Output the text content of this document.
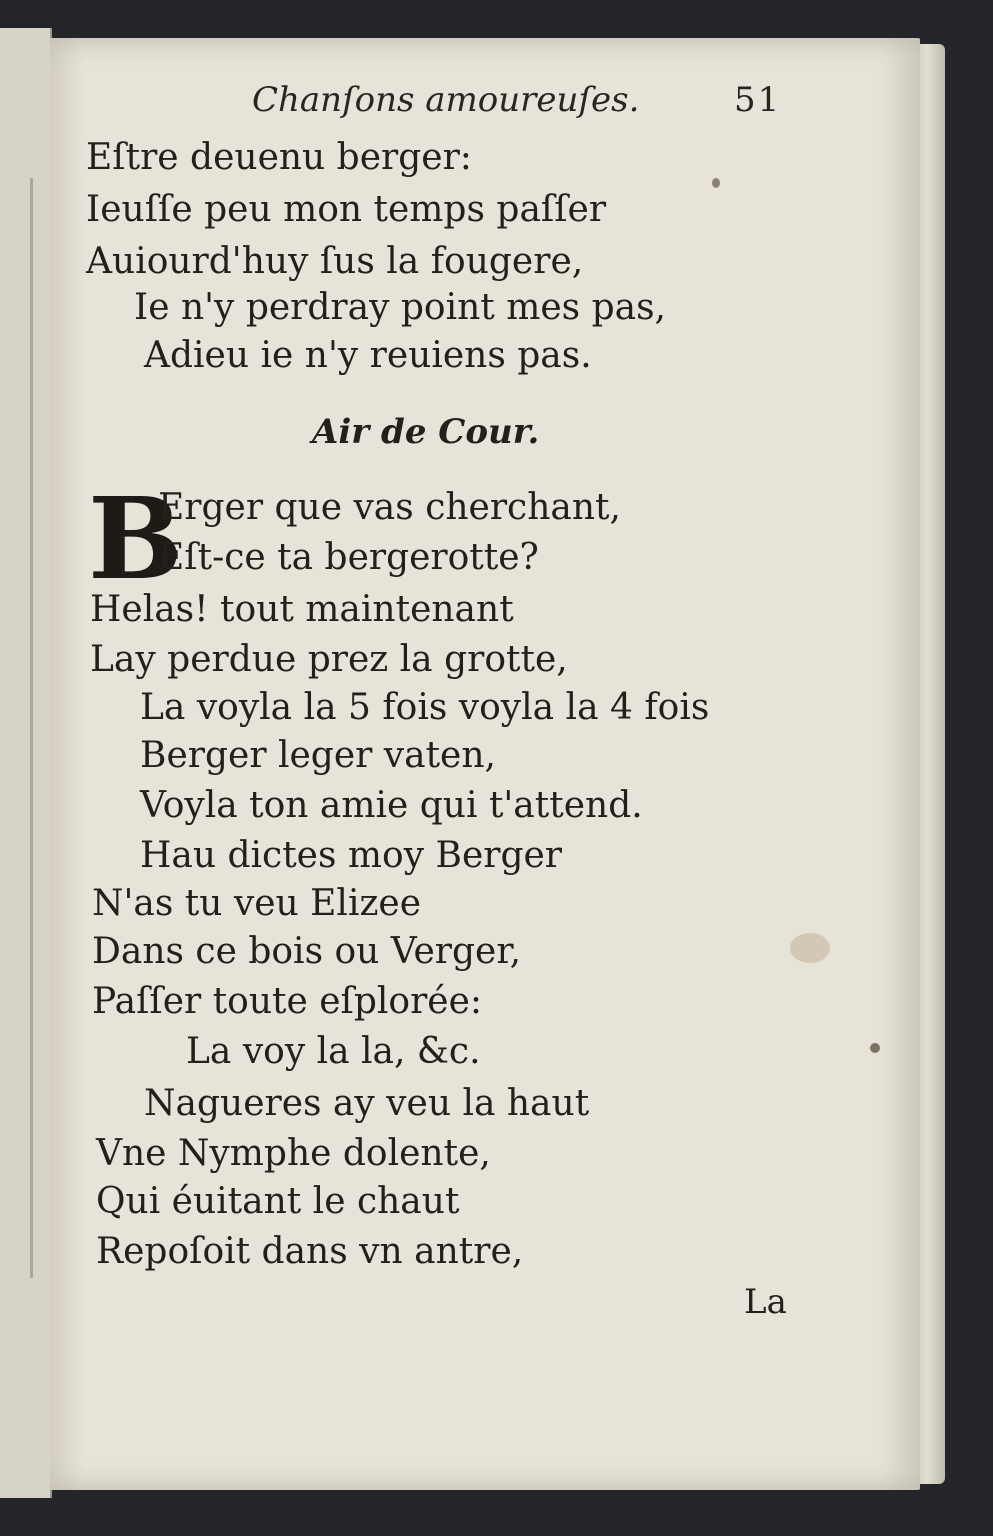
Chanſons amoureuſes.	51
Eſtre deuenu berger:
Ieuſſe peu mon temps paſſer
Auiourd'huy ſus la fougere,
Ie n'y perdray point mes pas,
Adieu ie n'y reuiens pas.
Air de Cour.
B
Erger que vas cherchant,
Eſt-ce ta bergerotte?
Helas! tout maintenant
Lay perdue prez la grotte,
La voyla la 5 fois voyla la 4 fois
Berger leger vaten,
Voyla ton amie qui t'attend.
Hau dictes moy Berger
N'as tu veu Elizee
Dans ce bois ou Verger,
Paſſer toute eſplorée:
La voy la la, &c.
Nagueres ay veu la haut
Vne Nymphe dolente,
Qui éuitant le chaut
Repoſoit dans vn antre,
La
